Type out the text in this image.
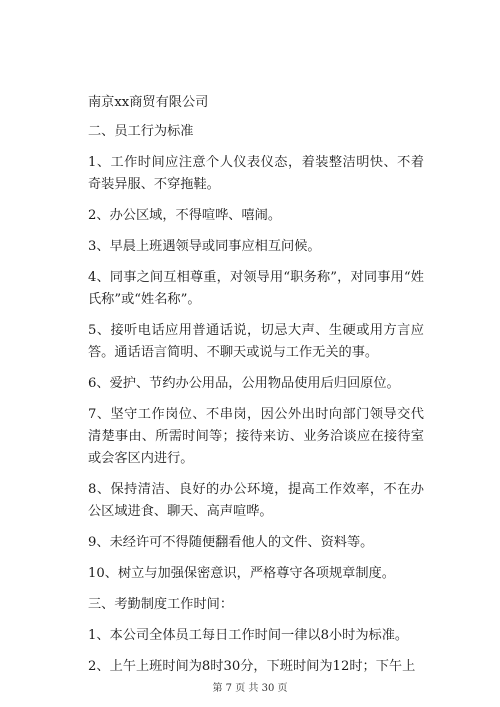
南京xx商贸有限公司

二、员工行为标准

1、工作时间应注意个人仪表仪态，着装整洁明快、不着奇装异服、不穿拖鞋。

2、办公区域，不得喧哗、嘻闹。

3、早晨上班遇领导或同事应相互问候。

4、同事之间互相尊重，对领导用“职务称”，对同事用“姓氏称”或“姓名称”。

5、接听电话应用普通话说，切忌大声、生硬或用方言应答。通话语言简明、不聊天或说与工作无关的事。

6、爱护、节约办公用品，公用物品使用后归回原位。

7、坚守工作岗位、不串岗，因公外出时向部门领导交代清楚事由、所需时间等；接待来访、业务洽谈应在接待室或会客区内进行。

8、保持清洁、良好的办公环境，提高工作效率，不在办公区域进食、聊天、高声喧哗。

9、未经许可不得随便翻看他人的文件、资料等。

10、树立与加强保密意识，严格尊守各项规章制度。

三、考勤制度工作时间：

1、本公司全体员工每日工作时间一律以8小时为标准。

2、上午上班时间为8时30分，下班时间为12时；下午上

第 7 页 共 30 页
